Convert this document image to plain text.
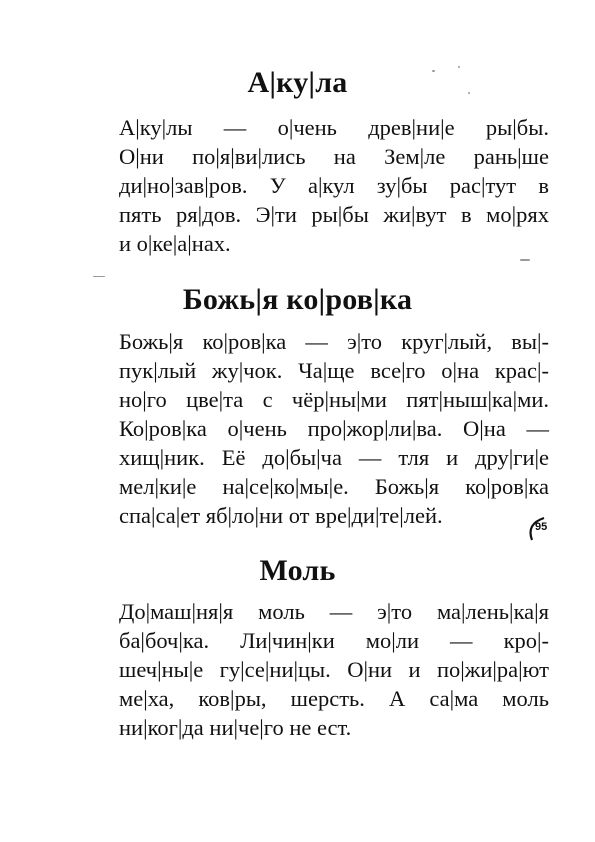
А|ку|ла
А|ку|лы — о|чень древ|ни|е ры|бы.
О|ни по|я|ви|лись на Зем|ле рань|ше
ди|но|зав|ров. У а|кул зу|бы рас|тут в
пять ря|дов. Э|ти ры|бы жи|вут в мо|рях
и о|ке|а|нах.
Божь|я ко|ров|ка
Божь|я ко|ров|ка — э|то круг|лый, вы|-
пук|лый жу|чок. Ча|ще все|го о|на крас|-
но|го цве|та с чёр|ны|ми пят|ныш|ка|ми.
Ко|ров|ка о|чень про|жор|ли|ва. О|на —
хищ|ник. Её до|бы|ча — тля и дру|ги|е
мел|ки|е на|се|ко|мы|е. Божь|я ко|ров|ка
спа|са|ет яб|ло|ни от вре|ди|те|лей.	95
Моль
До|маш|ня|я моль — э|то ма|лень|ка|я
ба|боч|ка. Ли|чин|ки мо|ли — кро|-
шеч|ны|е гу|се|ни|цы. О|ни и по|жи|ра|ют
ме|ха, ков|ры, шерсть. А са|ма моль
ни|ког|да ни|че|го не ест.
